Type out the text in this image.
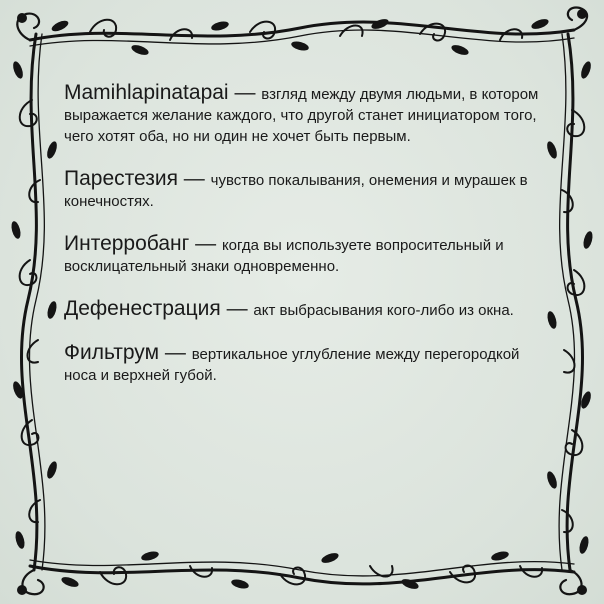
Mamihlapinatapai — взгляд между двумя людьми, в котором выражается желание каждого, что другой станет инициатором того, чего хотят оба, но ни один не хочет быть первым.

Парестезия — чувство покалывания, онемения и мурашек в конечностях.

Интерробанг — когда вы используете вопросительный и восклицательный знаки одновременно.

Дефенестрация — акт выбрасывания кого-либо из окна.

Фильтрум — вертикальное углубление между перегородкой носа и верхней губой.
